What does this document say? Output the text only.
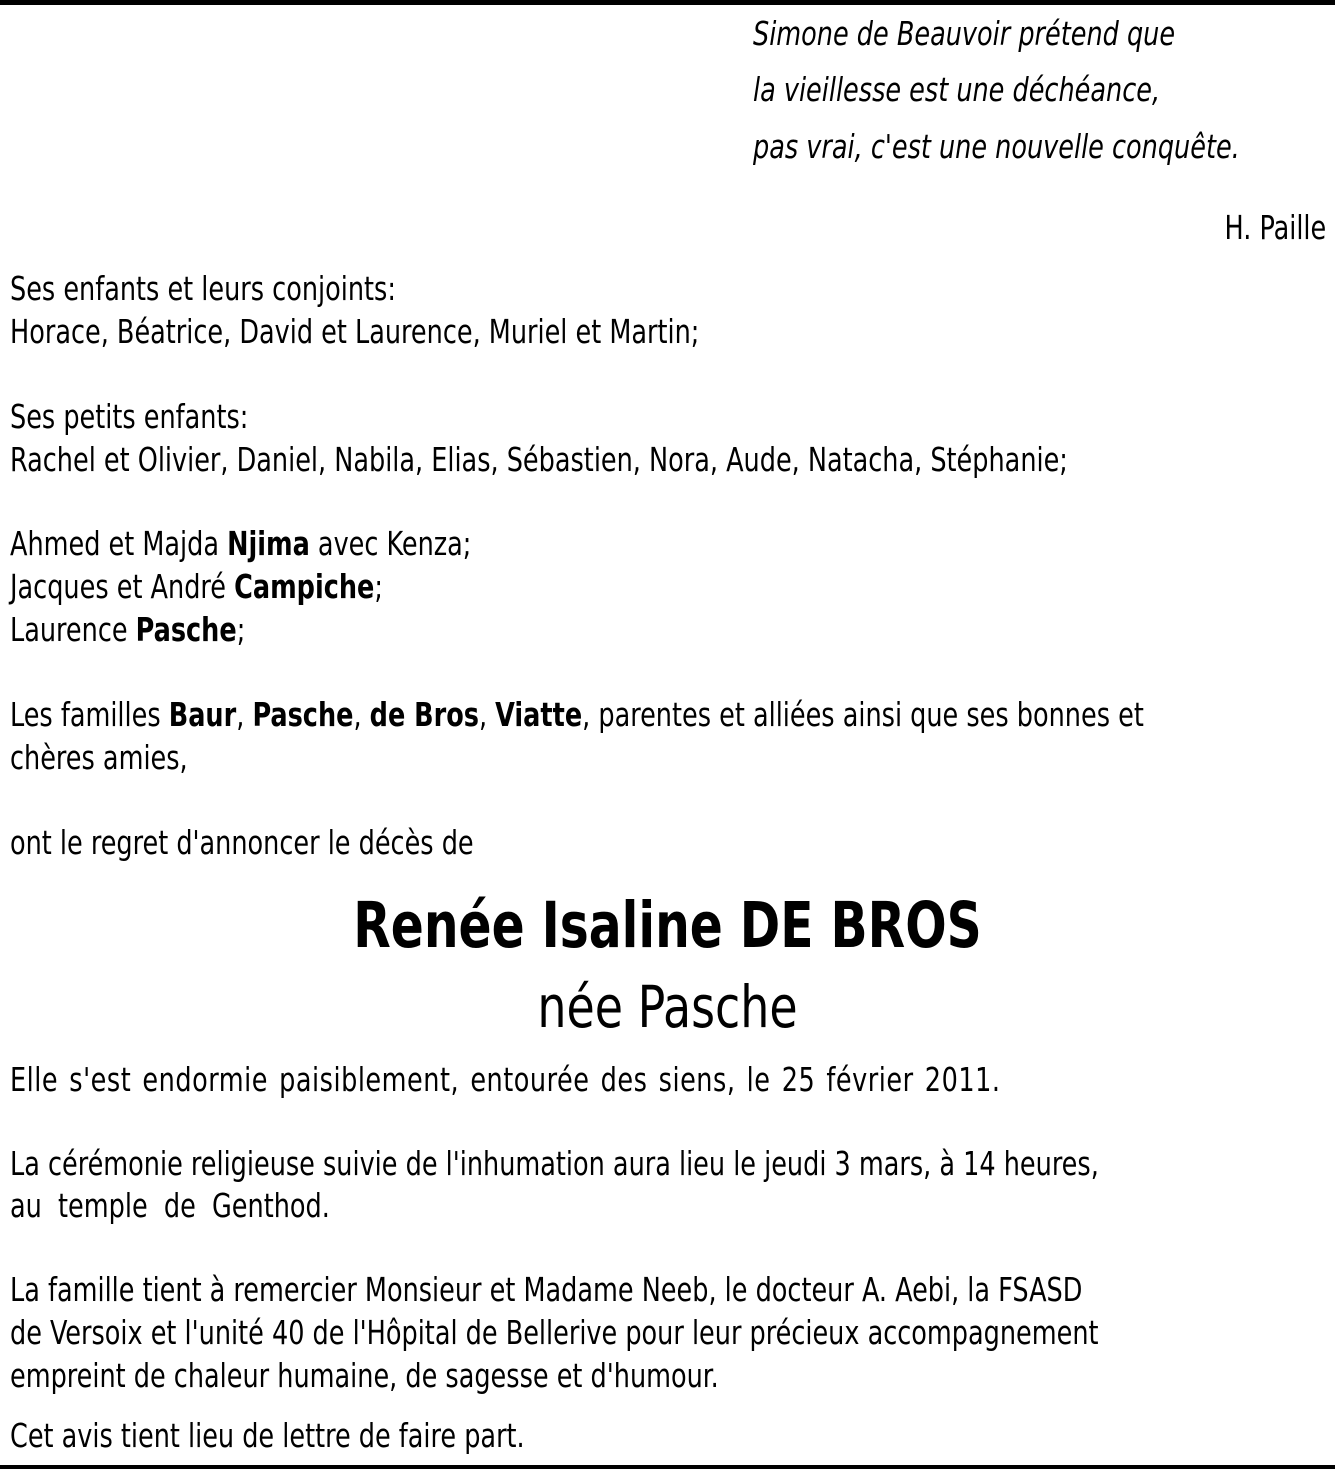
Simone de Beauvoir prétend que
la vieillesse est une déchéance,
pas vrai, c'est une nouvelle conquête.
H. Paille
Ses enfants et leurs conjoints:
Horace, Béatrice, David et Laurence, Muriel et Martin;
Ses petits enfants:
Rachel et Olivier, Daniel, Nabila, Elias, Sébastien, Nora, Aude, Natacha, Stéphanie;
Ahmed et Majda Njima avec Kenza;
Jacques et André Campiche;
Laurence Pasche;
Les familles Baur, Pasche, de Bros, Viatte, parentes et alliées ainsi que ses bonnes et
chères amies,
ont le regret d'annoncer le décès de
Renée Isaline DE BROS
née Pasche
Elle s'est endormie paisiblement, entourée des siens, le 25 février 2011.
La cérémonie religieuse suivie de l'inhumation aura lieu le jeudi 3 mars, à 14 heures,
au  temple  de  Genthod.
La famille tient à remercier Monsieur et Madame Neeb, le docteur A. Aebi, la FSASD
de Versoix et l'unité 40 de l'Hôpital de Bellerive pour leur précieux accompagnement
empreint de chaleur humaine, de sagesse et d'humour.
Cet avis tient lieu de lettre de faire part.
